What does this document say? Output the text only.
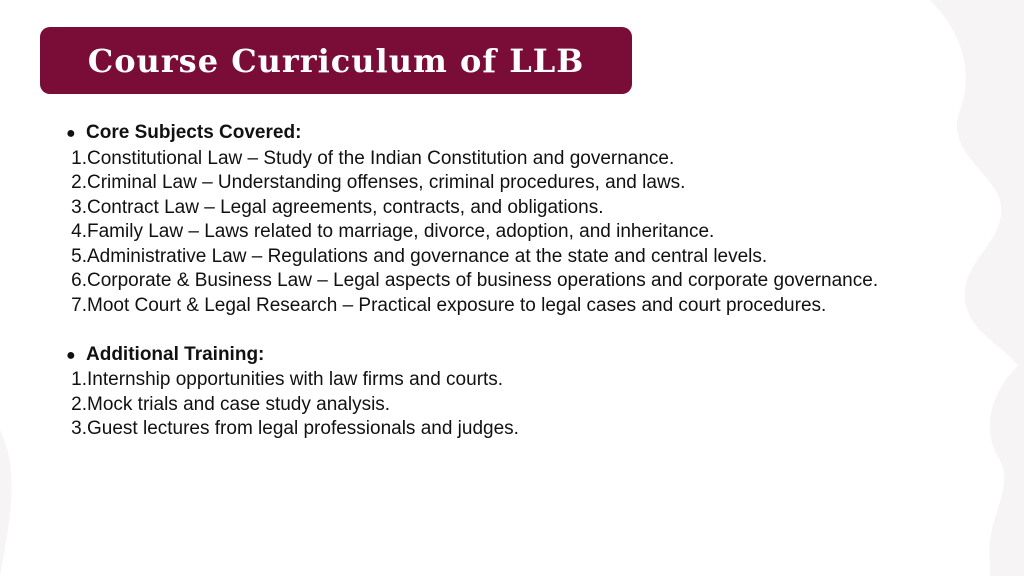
Course Curriculum of LLB
● Core Subjects Covered:
1. Constitutional Law – Study of the Indian Constitution and governance.
2. Criminal Law – Understanding offenses, criminal procedures, and laws.
3. Contract Law – Legal agreements, contracts, and obligations.
4. Family Law – Laws related to marriage, divorce, adoption, and inheritance.
5. Administrative Law – Regulations and governance at the state and central levels.
6. Corporate & Business Law – Legal aspects of business operations and corporate governance.
7. Moot Court & Legal Research – Practical exposure to legal cases and court procedures.
● Additional Training:
1. Internship opportunities with law firms and courts.
2. Mock trials and case study analysis.
3. Guest lectures from legal professionals and judges.
